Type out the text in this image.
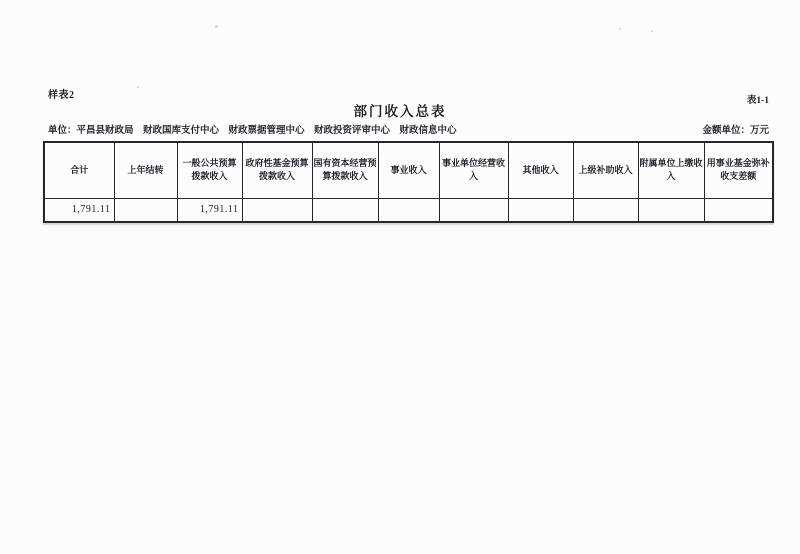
样表2	表1-1
部门收入总表
单位：平昌县财政局　财政国库支付中心　财政票据管理中心　财政投资评审中心　财政信息中心	金额单位：万元
合计	上年结转	一般公共预算拨款收入	政府性基金预算拨款收入	国有资本经营预算拨款收入	事业收入	事业单位经营收入	其他收入	上级补助收入	附属单位上缴收入	用事业基金弥补收支差额
1,791.11		1,791.11								
